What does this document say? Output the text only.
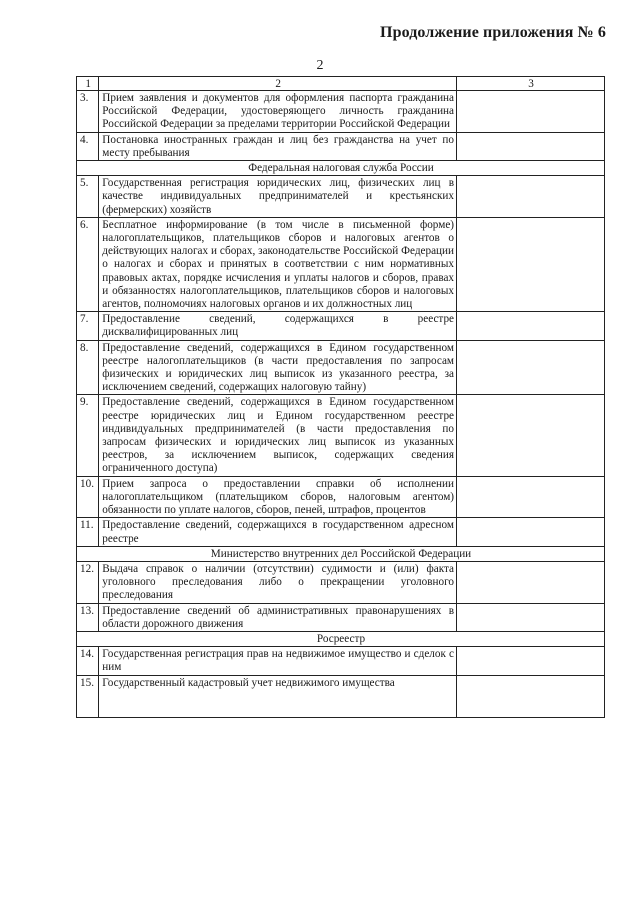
Продолжение приложения № 6
2
1	2	3
3.	Прием заявления и документов для оформления паспорта гражданина Российской Федерации, удостоверяющего личность гражданина Российской Федерации за пределами территории Российской Федерации	
4.	Постановка иностранных граждан и лиц без гражданства на учет по месту пребывания	
Федеральная налоговая служба России		
5.	Государственная регистрация юридических лиц, физических лиц в качестве индивидуальных предпринимателей и крестьянских (фермерских) хозяйств	
6.	Бесплатное информирование (в том числе в письменной форме) налогоплательщиков, плательщиков сборов и налоговых агентов о действующих налогах и сборах, законодательстве Российской Федерации о налогах и сборах и принятых в соответствии с ним нормативных правовых актах, порядке исчисления и уплаты налогов и сборов, правах и обязанностях налогоплательщиков, плательщиков сборов и налоговых агентов, полномочиях налоговых органов и их должностных лиц	
7.	Предоставление сведений, содержащихся в реестре дисквалифицированных лиц	
8.	Предоставление сведений, содержащихся в Едином государственном реестре налогоплательщиков (в части предоставления по запросам физических и юридических лиц выписок из указанного реестра, за исключением сведений, содержащих налоговую тайну)	
9.	Предоставление сведений, содержащихся в Едином государственном реестре юридических лиц и Едином государственном реестре индивидуальных предпринимателей (в части предоставления по запросам физических и юридических лиц выписок из указанных реестров, за исключением выписок, содержащих сведения ограниченного доступа)	
10.	Прием запроса о предоставлении справки об исполнении налогоплательщиком (плательщиком сборов, налоговым агентом) обязанности по уплате налогов, сборов, пеней, штрафов, процентов	
11.	Предоставление сведений, содержащихся в государственном адресном реестре	
Министерство внутренних дел Российской Федерации		
12.	Выдача справок о наличии (отсутствии) судимости и (или) факта уголовного преследования либо о прекращении уголовного преследования	
13.	Предоставление сведений об административных правонарушениях в области дорожного движения	
Росреестр		
14.	Государственная регистрация прав на недвижимое имущество и сделок с ним	
15.	Государственный кадастровый учет недвижимого имущества	
